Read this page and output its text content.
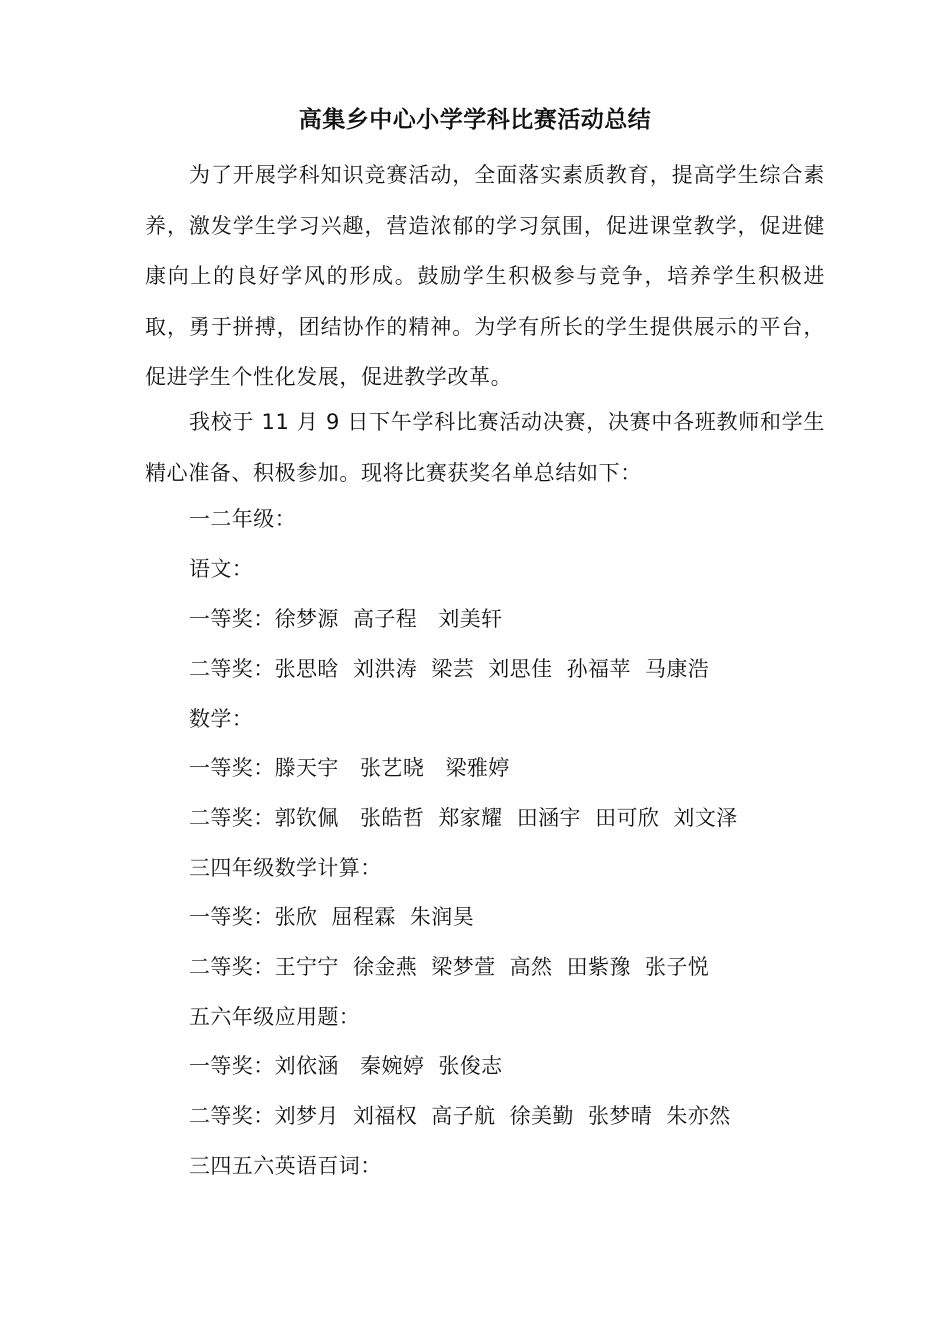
高集乡中心小学学科比赛活动总结

为了开展学科知识竞赛活动，全面落实素质教育，提高学生综合素养，激发学生学习兴趣，营造浓郁的学习氛围，促进课堂教学，促进健康向上的良好学风的形成。鼓励学生积极参与竞争，培养学生积极进取，勇于拼搏，团结协作的精神。为学有所长的学生提供展示的平台，促进学生个性化发展，促进教学改革。

我校于 11 月 9 日下午学科比赛活动决赛，决赛中各班教师和学生精心准备、积极参加。现将比赛获奖名单总结如下：

一二年级：
语文：
一等奖：徐梦源  高子程   刘美轩
二等奖：张思晗  刘洪涛  梁芸  刘思佳  孙福苹  马康浩
数学：
一等奖：滕天宇   张艺晓   梁雅婷
二等奖：郭钦佩   张皓哲  郑家耀  田涵宇  田可欣  刘文泽
三四年级数学计算：
一等奖：张欣  屈程霖  朱润昊
二等奖：王宁宁  徐金燕  梁梦萱  高然  田紫豫  张子悦
五六年级应用题：
一等奖：刘依涵   秦婉婷  张俊志
二等奖：刘梦月  刘福权  高子航  徐美勤  张梦晴  朱亦然
三四五六英语百词：
